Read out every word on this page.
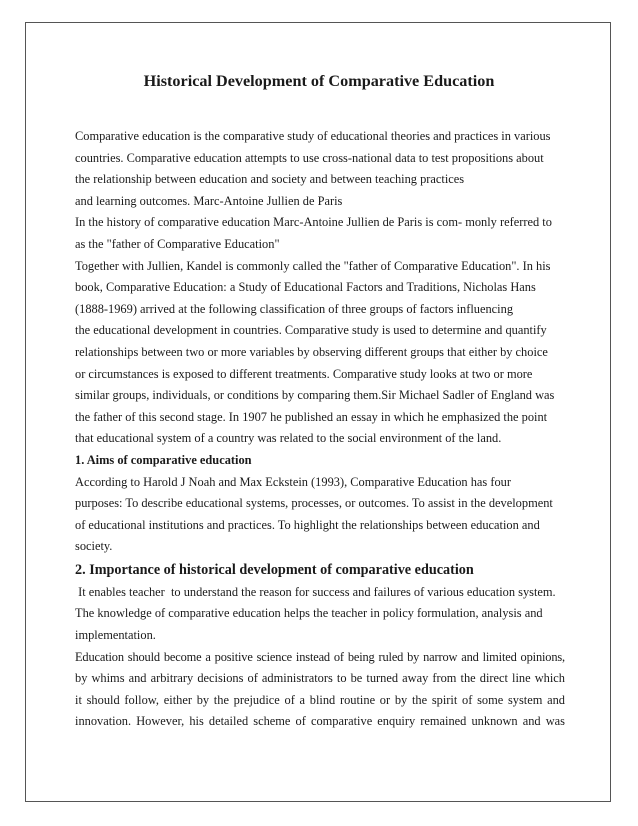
Historical Development of Comparative Education
Comparative education is the comparative study of educational theories and practices in various
countries. Comparative education attempts to use cross-national data to test propositions about
the relationship between education and society and between teaching practices
and learning outcomes. Marc-Antoine Jullien de Paris
In the history of comparative education Marc-Antoine Jullien de Paris is com- monly referred to
as the "father of Comparative Education"
Together with Jullien, Kandel is commonly called the "father of Comparative Education". In his
book, Comparative Education: a Study of Educational Factors and Traditions, Nicholas Hans
(1888-1969) arrived at the following classification of three groups of factors influencing
the educational development in countries. Comparative study is used to determine and quantify
relationships between two or more variables by observing different groups that either by choice
or circumstances is exposed to different treatments. Comparative study looks at two or more
similar groups, individuals, or conditions by comparing them.Sir Michael Sadler of England was
the father of this second stage. In 1907 he published an essay in which he emphasized the point
that educational system of a country was related to the social environment of the land.
1. Aims of comparative education
According to Harold J Noah and Max Eckstein (1993), Comparative Education has four
purposes: To describe educational systems, processes, or outcomes. To assist in the development
of educational institutions and practices. To highlight the relationships between education and
society.
2. Importance of historical development of comparative education
It enables teacher  to understand the reason for success and failures of various education system.
The knowledge of comparative education helps the teacher in policy formulation, analysis and
implementation.
Education should become a positive science instead of being ruled by narrow and limited opinions,
by whims and arbitrary decisions of administrators to be turned away from the direct line which
it should follow, either by the prejudice of a blind routine or by the spirit of some system and
innovation. However, his detailed scheme of comparative enquiry remained unknown and was
